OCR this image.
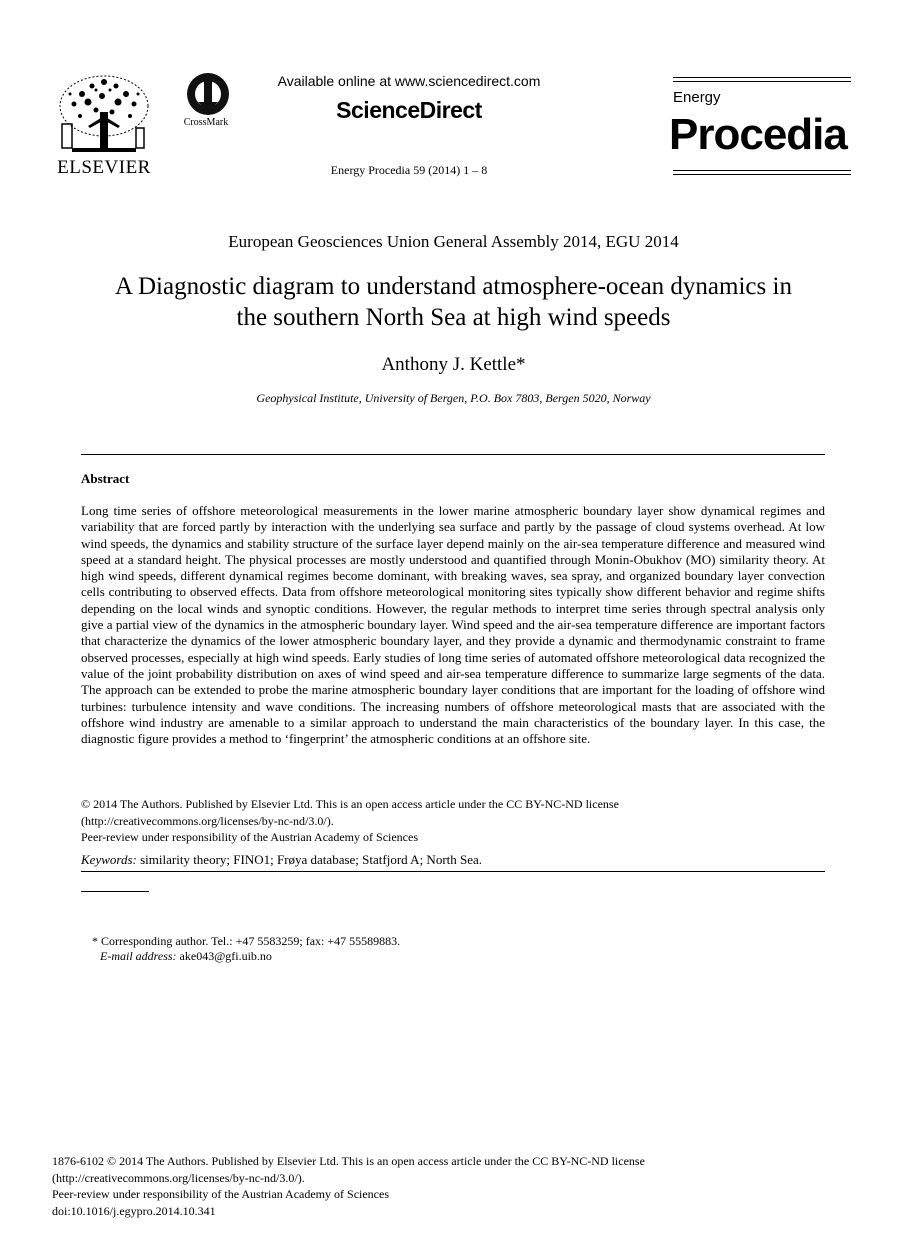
ELSEVIER
CrossMark
Available online at www.sciencedirect.com
ScienceDirect
Energy Procedia 59 (2014) 1 – 8
Energy
Procedia
European Geosciences Union General Assembly 2014, EGU 2014
A Diagnostic diagram to understand atmosphere-ocean dynamics in
the southern North Sea at high wind speeds
Anthony J. Kettle*
Geophysical Institute, University of Bergen, P.O. Box 7803, Bergen 5020, Norway
Abstract
Long time series of offshore meteorological measurements in the lower marine atmospheric boundary layer show dynamical regimes and variability that are forced partly by interaction with the underlying sea surface and partly by the passage of cloud systems overhead. At low wind speeds, the dynamics and stability structure of the surface layer depend mainly on the air-sea temperature difference and measured wind speed at a standard height. The physical processes are mostly understood and quantified through Monin-Obukhov (MO) similarity theory. At high wind speeds, different dynamical regimes become dominant, with breaking waves, sea spray, and organized boundary layer convection cells contributing to observed effects. Data from offshore meteorological monitoring sites typically show different behavior and regime shifts depending on the local winds and synoptic conditions. However, the regular methods to interpret time series through spectral analysis only give a partial view of the dynamics in the atmospheric boundary layer. Wind speed and the air-sea temperature difference are important factors that characterize the dynamics of the lower atmospheric boundary layer, and they provide a dynamic and thermodynamic constraint to frame observed processes, especially at high wind speeds. Early studies of long time series of automated offshore meteorological data recognized the value of the joint probability distribution on axes of wind speed and air-sea temperature difference to summarize large segments of the data. The approach can be extended to probe the marine atmospheric boundary layer conditions that are important for the loading of offshore wind turbines: turbulence intensity and wave conditions. The increasing numbers of offshore meteorological masts that are associated with the offshore wind industry are amenable to a similar approach to understand the main characteristics of the boundary layer. In this case, the diagnostic figure provides a method to ‘fingerprint’ the atmospheric conditions at an offshore site.
© 2014 The Authors. Published by Elsevier Ltd. This is an open access article under the CC BY-NC-ND license
(http://creativecommons.org/licenses/by-nc-nd/3.0/).
Peer-review under responsibility of the Austrian Academy of Sciences
Keywords: similarity theory; FINO1; Frøya database; Statfjord A; North Sea.
* Corresponding author. Tel.: +47 5583259; fax: +47 55589883.
E-mail address: ake043@gfi.uib.no
1876-6102 © 2014 The Authors. Published by Elsevier Ltd. This is an open access article under the CC BY-NC-ND license
(http://creativecommons.org/licenses/by-nc-nd/3.0/).
Peer-review under responsibility of the Austrian Academy of Sciences
doi:10.1016/j.egypro.2014.10.341
